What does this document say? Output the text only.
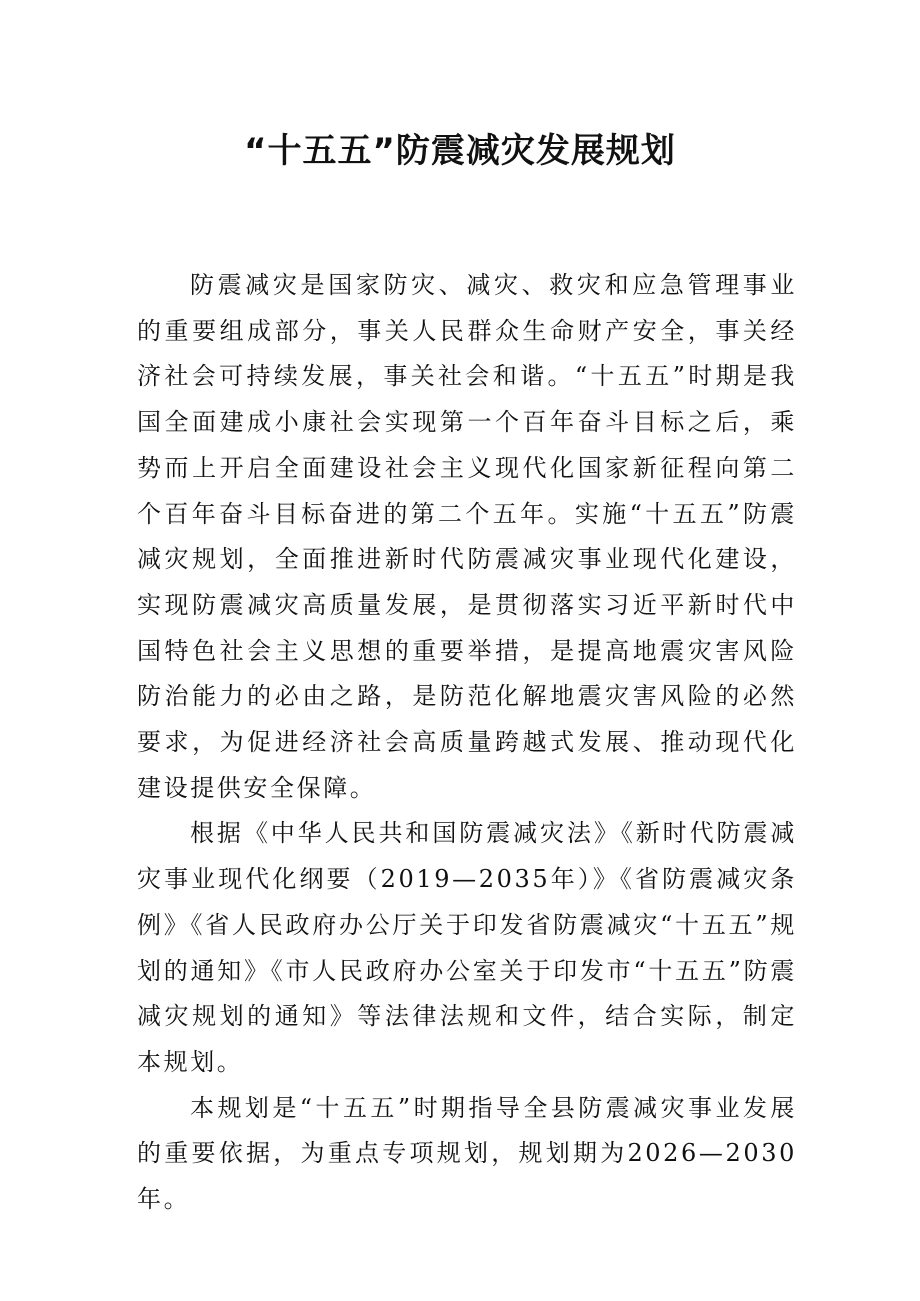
“十五五”防震减灾发展规划

防震减灾是国家防灾、减灾、救灾和应急管理事业的重要组成部分，事关人民群众生命财产安全，事关经济社会可持续发展，事关社会和谐。“十五五”时期是我国全面建成小康社会实现第一个百年奋斗目标之后，乘势而上开启全面建设社会主义现代化国家新征程向第二个百年奋斗目标奋进的第二个五年。实施“十五五”防震减灾规划，全面推进新时代防震减灾事业现代化建设，实现防震减灾高质量发展，是贯彻落实习近平新时代中国特色社会主义思想的重要举措，是提高地震灾害风险防治能力的必由之路，是防范化解地震灾害风险的必然要求，为促进经济社会高质量跨越式发展、推动现代化建设提供安全保障。

根据《中华人民共和国防震减灾法》《新时代防震减灾事业现代化纲要（2019—2035年）》《省防震减灾条例》《省人民政府办公厅关于印发省防震减灾“十五五”规划的通知》《市人民政府办公室关于印发市“十五五”防震减灾规划的通知》等法律法规和文件，结合实际，制定本规划。

本规划是“十五五”时期指导全县防震减灾事业发展的重要依据，为重点专项规划，规划期为2026—2030年。
